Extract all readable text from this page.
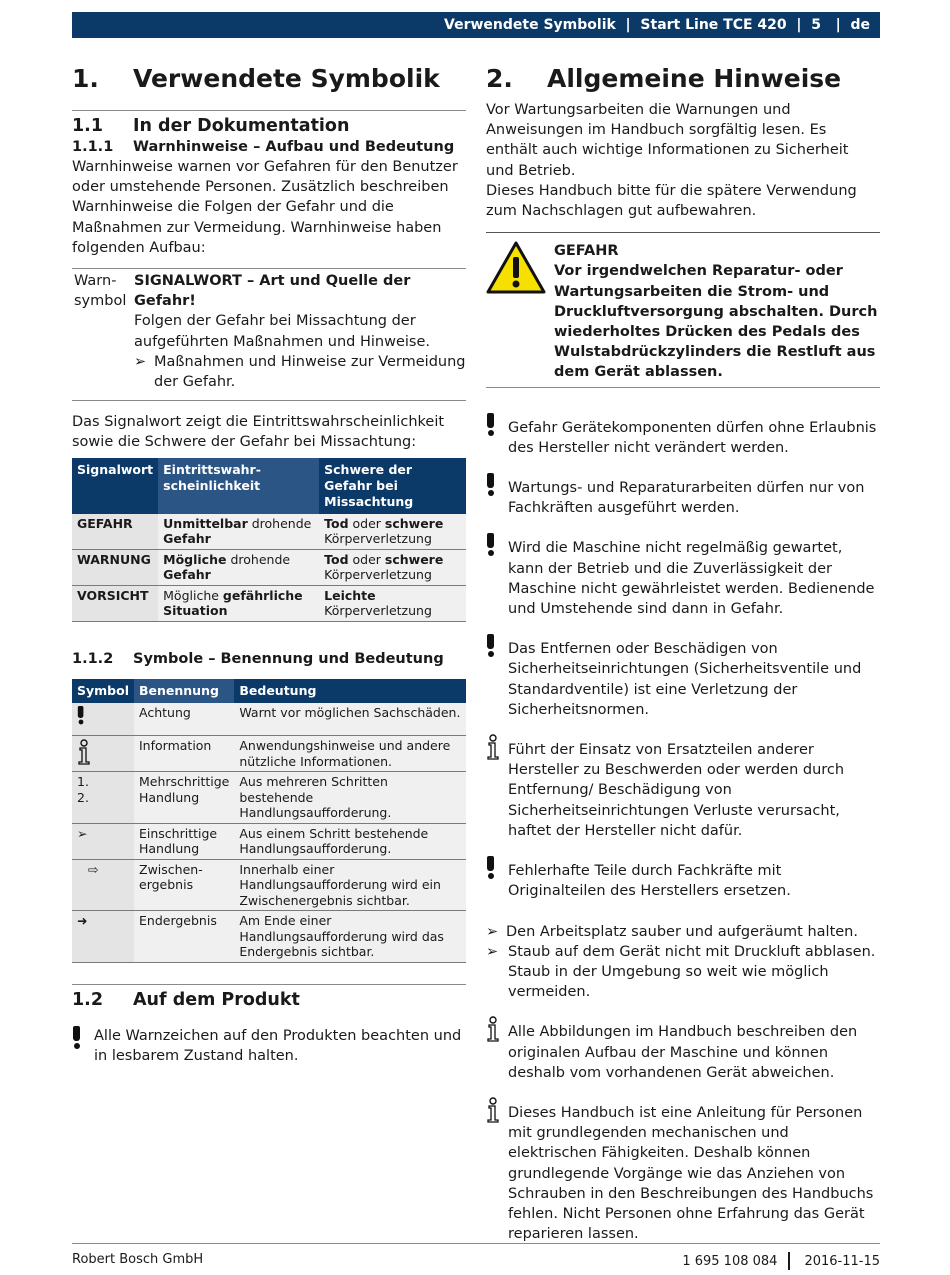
Verwendete Symbolik  |  Start Line TCE 420  |  5   |  de
1.	Verwendete Symbolik
1.1	In der Dokumentation
1.1.1	Warnhinweise – Aufbau und Bedeutung

Warnhinweise warnen vor Gefahren für den Benutzer oder umstehende Personen. Zusätzlich beschreiben Warnhinweise die Folgen der Gefahr und die Maßnahmen zur Vermeidung. Warnhinweise haben folgenden Aufbau:

Warnsymbol
SIGNALWORT – Art und Quelle der Gefahr!
Folgen der Gefahr bei Missachtung der aufgeführten Maßnahmen und Hinweise.
➢ Maßnahmen und Hinweise zur Vermeidung der Gefahr.

Das Signalwort zeigt die Eintrittswahrscheinlichkeit sowie die Schwere der Gefahr bei Missachtung:

Signalwort	Eintrittswahrscheinlichkeit	Schwere der Gefahr bei Missachtung
GEFAHR	Unmittelbar drohende Gefahr	Tod oder schwere Körperverletzung
WARNUNG	Mögliche drohende Gefahr	Tod oder schwere Körperverletzung
VORSICHT	Mögliche gefährliche Situation	Leichte Körperverletzung
1.1.2	Symbole – Benennung und Bedeutung
Symbol	Benennung	Bedeutung
	Achtung	Warnt vor möglichen Sachschäden.
	Information	Anwendungshinweise und andere nützliche Informationen.
1.
2.	Mehrschrittige Handlung	Aus mehreren Schritten bestehende Handlungsaufforderung.
➢	Einschrittige Handlung	Aus einem Schritt bestehende Handlungsaufforderung.
⇨	Zwischenergebnis	Innerhalb einer Handlungsaufforderung wird ein Zwischenergebnis sichtbar.
➜	Endergebnis	Am Ende einer Handlungsaufforderung wird das Endergebnis sichtbar.
1.2	Auf dem Produkt

Alle Warnzeichen auf den Produkten beachten und in lesbarem Zustand halten.

2.	Allgemeine Hinweise

Vor Wartungsarbeiten die Warnungen und Anweisungen im Handbuch sorgfältig lesen. Es enthält auch wichtige Informationen zu Sicherheit und Betrieb.

Dieses Handbuch bitte für die spätere Verwendung zum Nachschlagen gut aufbewahren.

GEFAHR
Vor irgendwelchen Reparatur- oder Wartungsarbeiten die Strom- und Druckluftversorgung abschalten. Durch wiederholtes Drücken des Pedals des Wulstabdrückzylinders die Restluft aus dem Gerät ablassen.

Gefahr Gerätekomponenten dürfen ohne Erlaubnis des Hersteller nicht verändert werden.

Wartungs- und Reparaturarbeiten dürfen nur von Fachkräften ausgeführt werden.

Wird die Maschine nicht regelmäßig gewartet, kann der Betrieb und die Zuverlässigkeit der Maschine nicht gewährleistet werden. Bedienende und Umstehende sind dann in Gefahr.

Das Entfernen oder Beschädigen von Sicherheitseinrichtungen (Sicherheitsventile und Standardventile) ist eine Verletzung der Sicherheitsnormen.

Führt der Einsatz von Ersatzteilen anderer Hersteller zu Beschwerden oder werden durch Entfernung/ Beschädigung von Sicherheitseinrichtungen Verluste verursacht, haftet der Hersteller nicht dafür.

Fehlerhafte Teile durch Fachkräfte mit Originalteilen des Herstellers ersetzen.

➢ Den Arbeitsplatz sauber und aufgeräumt halten.
➢ Staub auf dem Gerät nicht mit Druckluft abblasen. Staub in der Umgebung so weit wie möglich vermeiden.

Alle Abbildungen im Handbuch beschreiben den originalen Aufbau der Maschine und können deshalb vom vorhandenen Gerät abweichen.

Dieses Handbuch ist eine Anleitung für Personen mit grundlegenden mechanischen und elektrischen Fähigkeiten. Deshalb können grundlegende Vorgänge wie das Anziehen von Schrauben in den Beschreibungen des Handbuchs fehlen. Nicht Personen ohne Erfahrung das Gerät reparieren lassen.

Robert Bosch GmbH	1 695 108 084 2016-11-15
